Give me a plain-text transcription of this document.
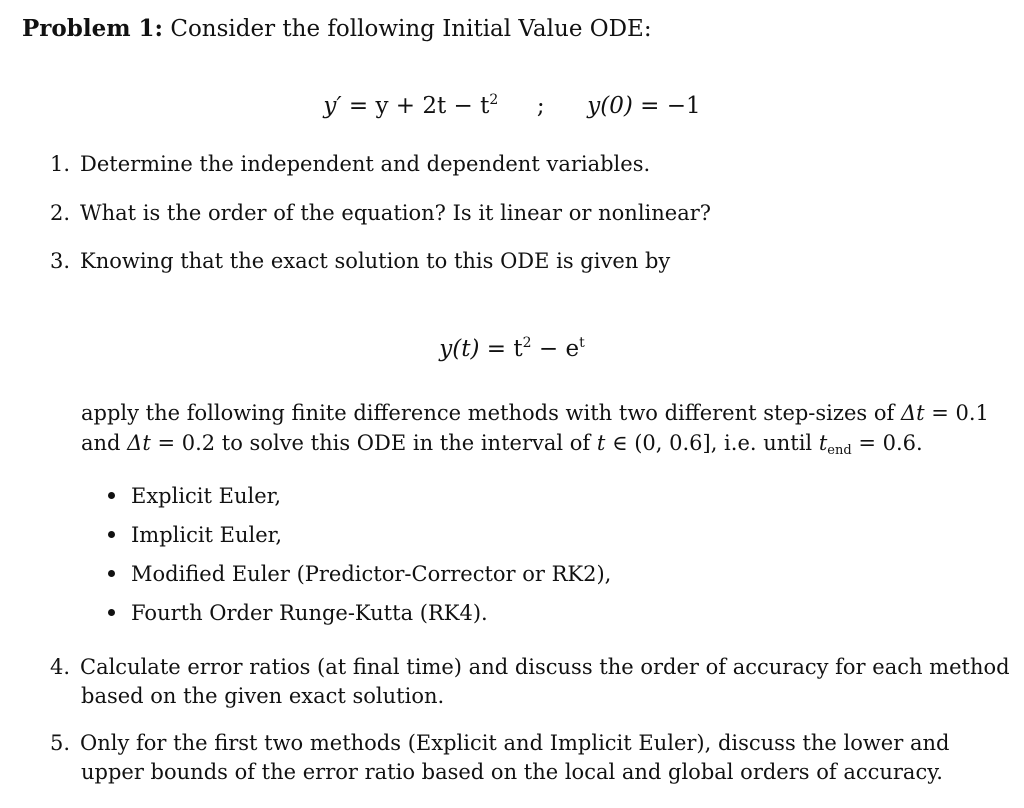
Problem 1: Consider the following Initial Value ODE:
$y' = y + 2t - t^2$ ; y(0) = −1
1. Determine the independent and dependent variables.
2. What is the order of the equation? Is it linear or nonlinear?
3. Knowing that the exact solution to this ODE is given by
$y(t) = t^2 - e^t$
apply the following finite difference methods with two different step-sizes of Δt = 0.1
and Δt = 0.2 to solve this ODE in the interval of t ∈ (0, 0.6], i.e. until $t_{end} = 0.6$.
Explicit Euler,
Implicit Euler,
Modified Euler (Predictor-Corrector or RK2),
Fourth Order Runge-Kutta (RK4).
4. Calculate error ratios (at final time) and discuss the order of accuracy for each method
based on the given exact solution.
5. Only for the first two methods (Explicit and Implicit Euler), discuss the lower and
upper bounds of the error ratio based on the local and global orders of accuracy.
